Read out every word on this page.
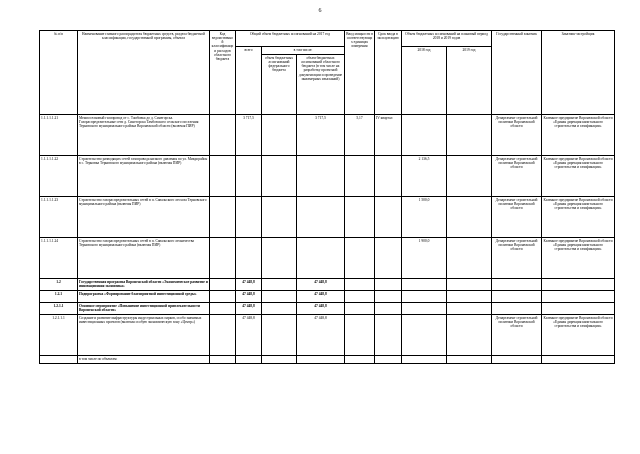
6
№ п/п	Наименование главного распорядителя бюджетных средств, раздела бюджетной классификации, государственной программы, объекта	Код ведомственной классификации расходов областного бюджета	Общий объем бюджетных ассигнований на 2017 год			Ввод мощности в соответствующих единицах измерения	Срок ввода в эксплуатацию	Объем бюджетных ассигнований на плановый период 2018 и 2019 годов		Государственный заказчик	Заказчик-застройщик
			всего	в том числе:				2018 год	2019 год		
				объем бюджетных ассигнований федерального бюджета	объем бюджетных ассигнований областного бюджета (в том числе на разработку проектной документации и проведение инженерных изысканий)						
1.1.1.1.1.21	Межпоселковый газопровод от с. Тамбовка до д. Синегорска. Газораспределительные сети д. Синегорска Тамбовского сельского поселения Терновского муниципального района Воронежской области (включая ПИР)		3 717,5		3 717,5	5,17	IV квартал			Департамент строительной политики Воронежской области	Казенное предприятие Воронежской области «Единая дирекция капитального строительства и газификации»
1.1.1.1.1.22	Строительство разводящих сетей газопровода низкого давления по ул. Микрорайон в с. Терновка Терновского муниципального района (включая ПИР)							2 136,5		Департамент строительной политики Воронежской области	Казенное предприятие Воронежской области «Единая дирекция капитального строительства и газификации»
1.1.1.1.1.23	Строительство газораспределительных сетей в п. Савальского лесхоза Терновского муниципального района (включая ПИР)							1 500,0		Департамент строительной политики Воронежской области	Казенное предприятие Воронежской области «Единая дирекция капитального строительства и газификации»
1.1.1.1.1.24	Строительство газораспределительных сетей в п. Савальского лесничества Терновского муниципального района (включая ПИР)							1 900,0		Департамент строительной политики Воронежской области	Казенное предприятие Воронежской области «Единая дирекция капитального строительства и газификации»
1.2	Государственная программа Воронежской области «Экономическое развитие и инновационная экономика»		47 448,8		47 448,8						
1.2.1	Подпрограмма «Формирование благоприятной инвестиционной среды»		47 448,8		47 448,8						
1.2.1.1	Основное мероприятие «Повышение инвестиционной привлекательности Воронежской области»		47 448,8		47 448,8						
1.2.1.1.1	Создание и развитие инфраструктуры индустриальных парков, особо значимых инвестиционных проектов (включая особую экономическую зону «Центр»)		47 448,8		47 448,8					Департамент строительной политики Воронежской области	Казенное предприятие Воронежской области «Единая дирекция капитального строительства и газификации»
	в том числе по объектам:										
